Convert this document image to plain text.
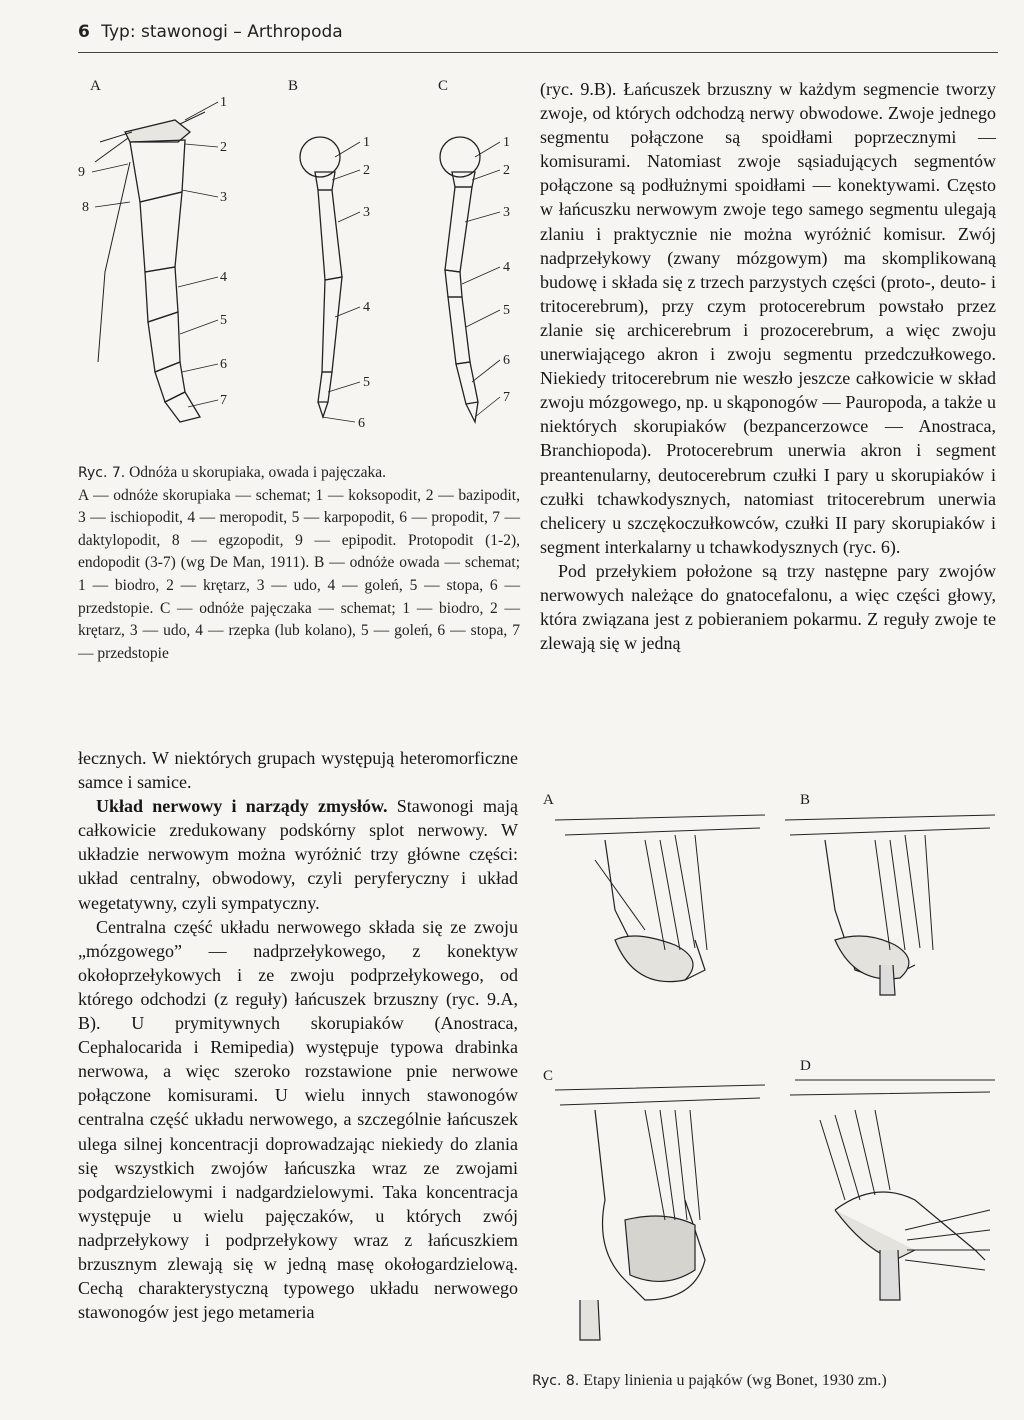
6 Typ: stawonogi – Arthropoda
A	B	C
1
2
3
4
5
6
7
8
9
1
2
3
4
5
6
1
2
3
4
5
6
7

Ryc. 7. Odnóża u skorupiaka, owada i pajęczaka.

A — odnóże skorupiaka — schemat; 1 — koksopodit, 2 — bazipodit, 3 — ischiopodit, 4 — meropodit, 5 — karpopodit, 6 — propodit, 7 — daktylopodit, 8 — egzopodit, 9 — epipodit. Protopodit (1-2), endopodit (3-7) (wg De Man, 1911). B — odnóże owada — schemat; 1 — biodro, 2 — krętarz, 3 — udo, 4 — goleń, 5 — stopa, 6 — przedstopie. C — odnóże pajęczaka — schemat; 1 — biodro, 2 — krętarz, 3 — udo, 4 — rzepka (lub kolano), 5 — goleń, 6 — stopa, 7 — przedstopie

łecznych. W niektórych grupach występują heteromorficzne samce i samice.

Układ nerwowy i narządy zmysłów. Stawonogi mają całkowicie zredukowany podskórny splot nerwowy. W układzie nerwowym można wyróżnić trzy główne części: układ centralny, obwodowy, czyli peryferyczny i układ wegetatywny, czyli sympatyczny.

Centralna część układu nerwowego składa się ze zwoju „mózgowego” — nadprzełykowego, z konektyw okołoprzełykowych i ze zwoju podprzełykowego, od którego odchodzi (z reguły) łańcuszek brzuszny (ryc. 9.A, B). U prymitywnych skorupiaków (Anostraca, Cephalocarida i Remipedia) występuje typowa drabinka nerwowa, a więc szeroko rozstawione pnie nerwowe połączone komisurami. U wielu innych stawonogów centralna część układu nerwowego, a szczególnie łańcuszek ulega silnej koncentracji doprowadzając niekiedy do zlania się wszystkich zwojów łańcuszka wraz ze zwojami podgardzielowymi i nadgardzielowymi. Taka koncentracja występuje u wielu pajęczaków, u których zwój nadprzełykowy i podprzełykowy wraz z łańcuszkiem brzusznym zlewają się w jedną masę okołogardzielową. Cechą charakterystyczną typowego układu nerwowego stawonogów jest jego metameria

(ryc. 9.B). Łańcuszek brzuszny w każdym segmencie tworzy zwoje, od których odchodzą nerwy obwodowe. Zwoje jednego segmentu połączone są spoidłami poprzecznymi — komisurami. Natomiast zwoje sąsiadujących segmentów połączone są podłużnymi spoidłami — konektywami. Często w łańcuszku nerwowym zwoje tego samego segmentu ulegają zlaniu i praktycznie nie można wyróżnić komisur. Zwój nadprzełykowy (zwany mózgowym) ma skomplikowaną budowę i składa się z trzech parzystych części (proto-, deuto- i tritocerebrum), przy czym protocerebrum powstało przez zlanie się archicerebrum i prozocerebrum, a więc zwoju unerwiającego akron i zwoju segmentu przedczułkowego. Niekiedy tritocerebrum nie weszło jeszcze całkowicie w skład zwoju mózgowego, np. u skąponogów — Pauropoda, a także u niektórych skorupiaków (bezpancerzowce — Anostraca, Branchiopoda). Protocerebrum unerwia akron i segment preantenularny, deutocerebrum czułki I pary u skorupiaków i czułki tchawkodysznych, natomiast tritocerebrum unerwia chelicery u szczękoczułkowców, czułki II pary skorupiaków i segment interkalarny u tchawkodysznych (ryc. 6).

Pod przełykiem położone są trzy następne pary zwojów nerwowych należące do gnatocefalonu, a więc części głowy, która związana jest z pobieraniem pokarmu. Z reguły zwoje te zlewają się w jedną

A	B
C
D
Ryc. 8. Etapy linienia u pająków (wg Bonet, 1930 zm.)
